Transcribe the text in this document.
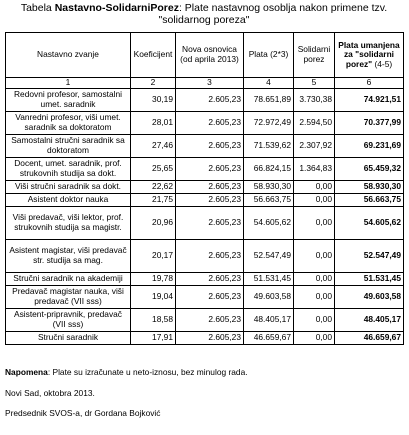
Tabela Nastavno-SolidarniPorez: Plate nastavnog osoblja nakon primene tzv. "solidarnog poreza"
Nastavno zvanje	Koeficijent	Nova osnovica (od aprila 2013)	Plata (2*3)	Solidarni porez	Plata umanjena za "solidarni porez" (4-5)
1	2	3	4	5	6
Redovni profesor, samostalni umet. saradnik	30,19	2.605,23	78.651,89	3.730,38	74.921,51
Vanredni profesor, viši umet. saradnik sa doktoratom	28,01	2.605,23	72.972,49	2.594,50	70.377,99
Samostalni stručni saradnik sa doktoratom	27,46	2.605,23	71.539,62	2.307,92	69.231,69
Docent, umet. saradnik, prof. strukovnih studija sa dokt.	25,65	2.605,23	66.824,15	1.364,83	65.459,32
Viši stručni saradnik sa dokt.	22,62	2.605,23	58.930,30	0,00	58.930,30
Asistent doktor nauka	21,75	2.605,23	56.663,75	0,00	56.663,75
Viši predavač, viši lektor, prof. strukovnih studija sa magistr.	20,96	2.605,23	54.605,62	0,00	54.605,62
Asistent magistar, viši predavač str. studija sa mag.	20,17	2.605,23	52.547,49	0,00	52.547,49
Stručni saradnik na akademiji	19,78	2.605,23	51.531,45	0,00	51.531,45
Predavač magistar nauka, viši predavač (VII sss)	19,04	2.605,23	49.603,58	0,00	49.603,58
Asistent-pripravnik, predavač (VII sss)	18,58	2.605,23	48.405,17	0,00	48.405,17
Stručni saradnik	17,91	2.605,23	46.659,67	0,00	46.659,67
Napomena: Plate su izračunate u neto-iznosu, bez minulog rada.
Novi Sad, oktobra 2013.
Predsednik SVOS-a, dr Gordana Bojković
